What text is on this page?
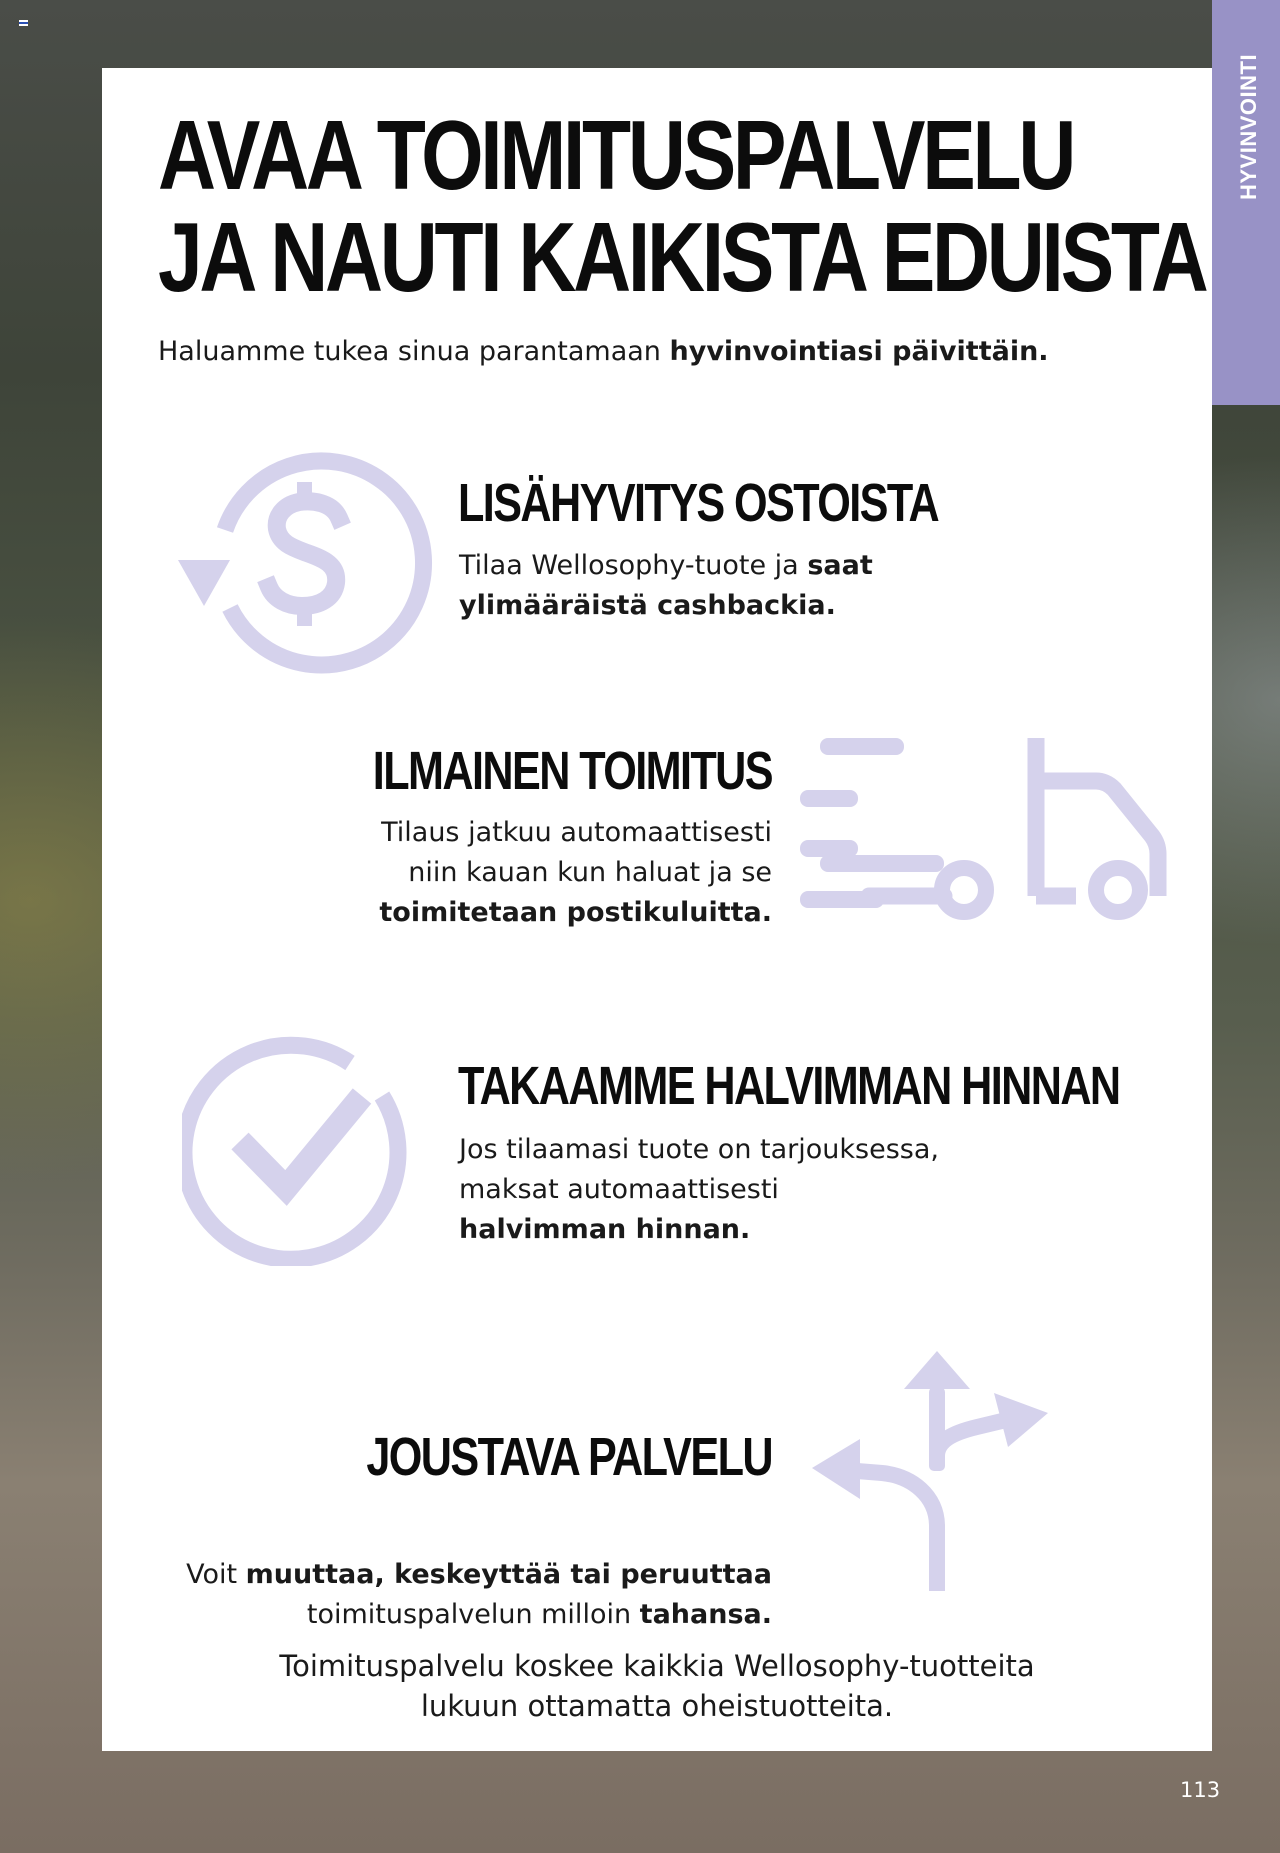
HYVINVOINTI
AVAA TOIMITUSPALVELU
JA NAUTI KAIKISTA EDUISTA
Haluamme tukea sinua parantamaan hyvinvointiasi päivittäin.
LISÄHYVITYS OSTOISTA
Tilaa Wellosophy-tuote ja saat
ylimääräistä cashbackia.
ILMAINEN TOIMITUS
Tilaus jatkuu automaattisesti
niin kauan kun haluat ja se
toimitetaan postikuluitta.
TAKAAMME HALVIMMAN HINNAN
Jos tilaamasi tuote on tarjouksessa,
maksat automaattisesti
halvimman hinnan.
JOUSTAVA PALVELU
Voit muuttaa, keskeyttää tai peruuttaa
toimituspalvelun milloin tahansa.
Toimituspalvelu koskee kaikkia Wellosophy-tuotteita
lukuun ottamatta oheistuotteita.
113
